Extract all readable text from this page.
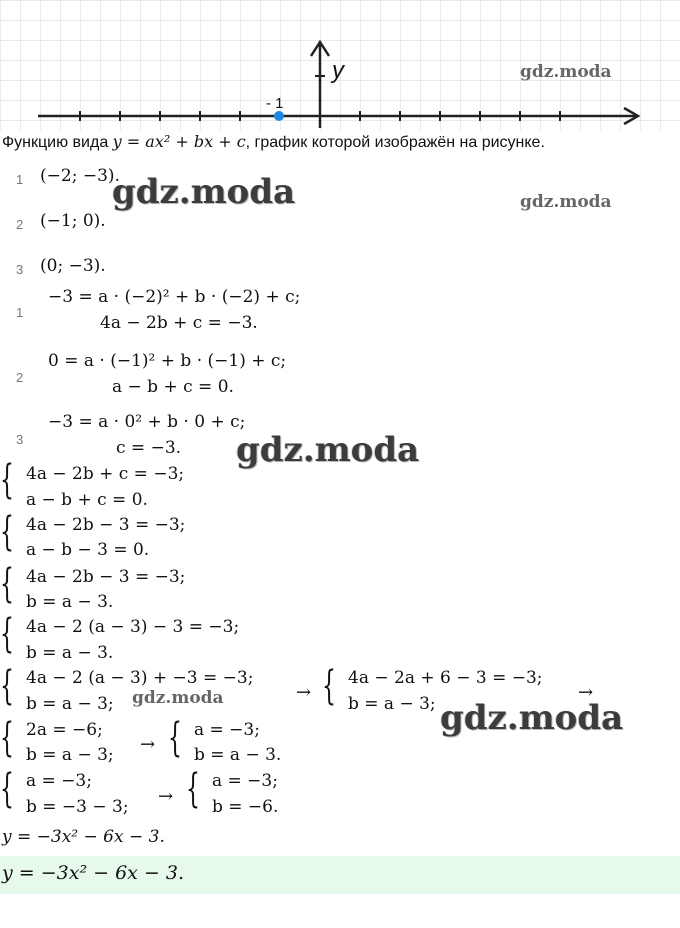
y
- 1
gdz.moda
Функцию вида y = ax² + bx + c, график которой изображён на рисунке.
1 (−2; −3).
2 (−1; 0).
3 (0; −3).
1
−3 = a · (−2)² + b · (−2) + c;
4a − 2b + c = −3.
2
0 = a · (−1)² + b · (−1) + c;
a − b + c = 0.
3
−3 = a · 0² + b · 0 + c;
c = −3.
{ 4a − 2b + c = −3;
a − b + c = 0.
{ 4a − 2b − 3 = −3;
a − b − 3 = 0.
{ 4a − 2b − 3 = −3;
b = a − 3.
{ 4a − 2 (a − 3) − 3 = −3;
b = a − 3.
{ 4a − 2 (a − 3) + −3 = −3;
b = a − 3;
→ { 4a − 2a + 6 − 3 = −3;
b = a − 3;
→
{ 2a = −6;
b = a − 3; → { a = −3;
b = a − 3.
{ a = −3;
b = −3 − 3; → { a = −3;
b = −6.
y = −3x² − 6x − 3.
y = −3x² − 6x − 3.
gdz.moda	gdz.moda
gdz.moda
gdz.moda	gdz.moda
